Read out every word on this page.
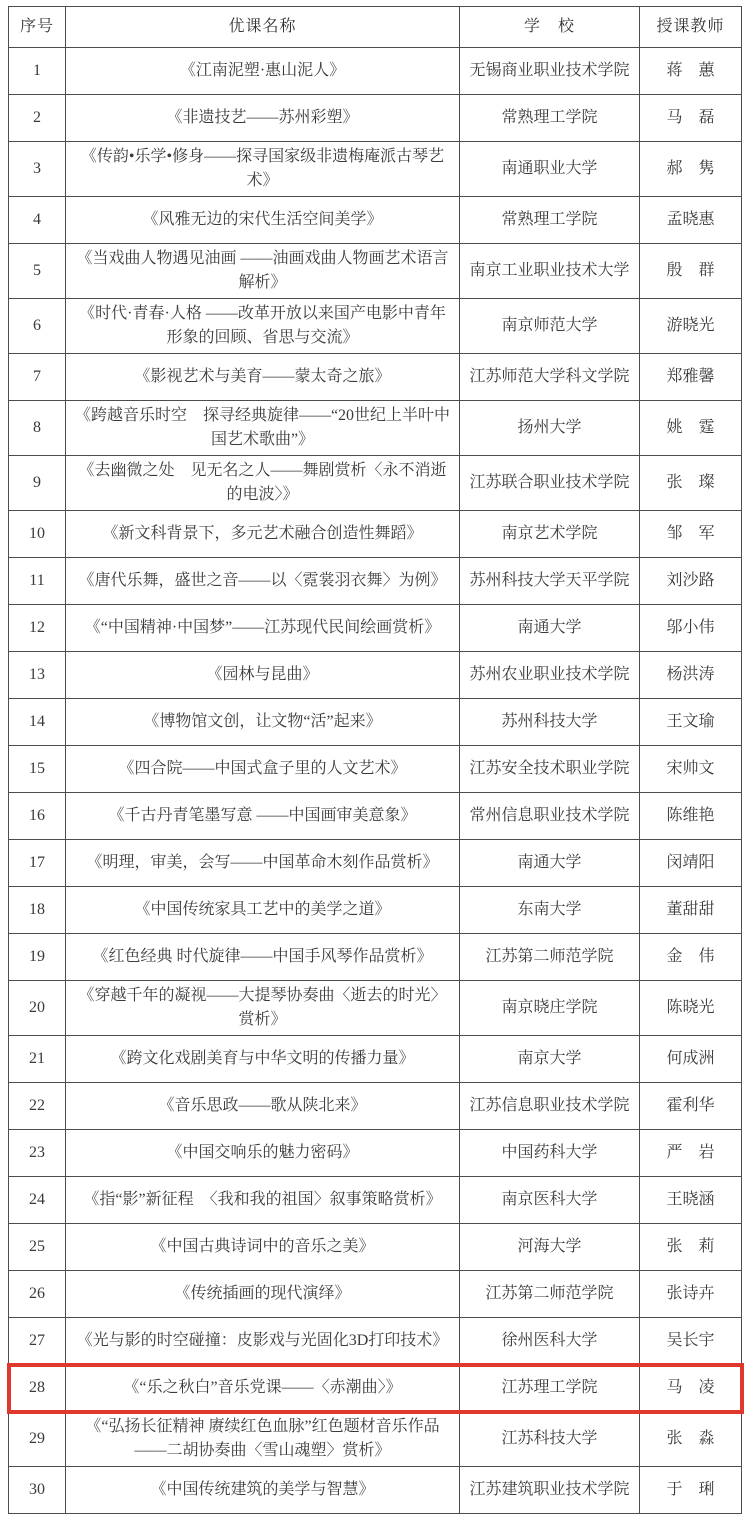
序号	优课名称	学　校	授课教师
1	《江南泥塑·惠山泥人》	无锡商业职业技术学院	蒋　蕙
2	《非遗技艺——苏州彩塑》	常熟理工学院	马　磊
3	《传韵•乐学•修身——探寻国家级非遗梅庵派古琴艺术》	南通职业大学	郝　隽
4	《风雅无边的宋代生活空间美学》	常熟理工学院	孟晓惠
5	《当戏曲人物遇见油画 ——油画戏曲人物画艺术语言解析》	南京工业职业技术大学	殷　群
6	《时代·青春·人格 ——改革开放以来国产电影中青年形象的回顾、省思与交流》	南京师范大学	游晓光
7	《影视艺术与美育——蒙太奇之旅》	江苏师范大学科文学院	郑雅馨
8	《跨越音乐时空　探寻经典旋律——“20世纪上半叶中国艺术歌曲”》	扬州大学	姚　霆
9	《去幽微之处　见无名之人——舞剧赏析〈永不消逝的电波〉》	江苏联合职业技术学院	张　璨
10	《新文科背景下，多元艺术融合创造性舞蹈》	南京艺术学院	邹　军
11	《唐代乐舞，盛世之音——以〈霓裳羽衣舞〉为例》	苏州科技大学天平学院	刘沙路
12	《“中国精神·中国梦”——江苏现代民间绘画赏析》	南通大学	邬小伟
13	《园林与昆曲》	苏州农业职业技术学院	杨洪涛
14	《博物馆文创，让文物“活”起来》	苏州科技大学	王文瑜
15	《四合院——中国式盒子里的人文艺术》	江苏安全技术职业学院	宋帅文
16	《千古丹青笔墨写意 ——中国画审美意象》	常州信息职业技术学院	陈维艳
17	《明理，审美，会写——中国革命木刻作品赏析》	南通大学	闵靖阳
18	《中国传统家具工艺中的美学之道》	东南大学	董甜甜
19	《红色经典 时代旋律——中国手风琴作品赏析》	江苏第二师范学院	金　伟
20	《穿越千年的凝视——大提琴协奏曲〈逝去的时光〉赏析》	南京晓庄学院	陈晓光
21	《跨文化戏剧美育与中华文明的传播力量》	南京大学	何成洲
22	《音乐思政——歌从陕北来》	江苏信息职业技术学院	霍利华
23	《中国交响乐的魅力密码》	中国药科大学	严　岩
24	《指“影”新征程　〈我和我的祖国〉叙事策略赏析》	南京医科大学	王晓涵
25	《中国古典诗词中的音乐之美》	河海大学	张　莉
26	《传统插画的现代演绎》	江苏第二师范学院	张诗卉
27	《光与影的时空碰撞：皮影戏与光固化3D打印技术》	徐州医科大学	吴长宇
28	《“乐之秋白”音乐党课——〈赤潮曲〉》	江苏理工学院	马　凌
29	《“弘扬长征精神 赓续红色血脉”红色题材音乐作品——二胡协奏曲〈雪山魂塑〉赏析》	江苏科技大学	张　淼
30	《中国传统建筑的美学与智慧》	江苏建筑职业技术学院	于　琍
